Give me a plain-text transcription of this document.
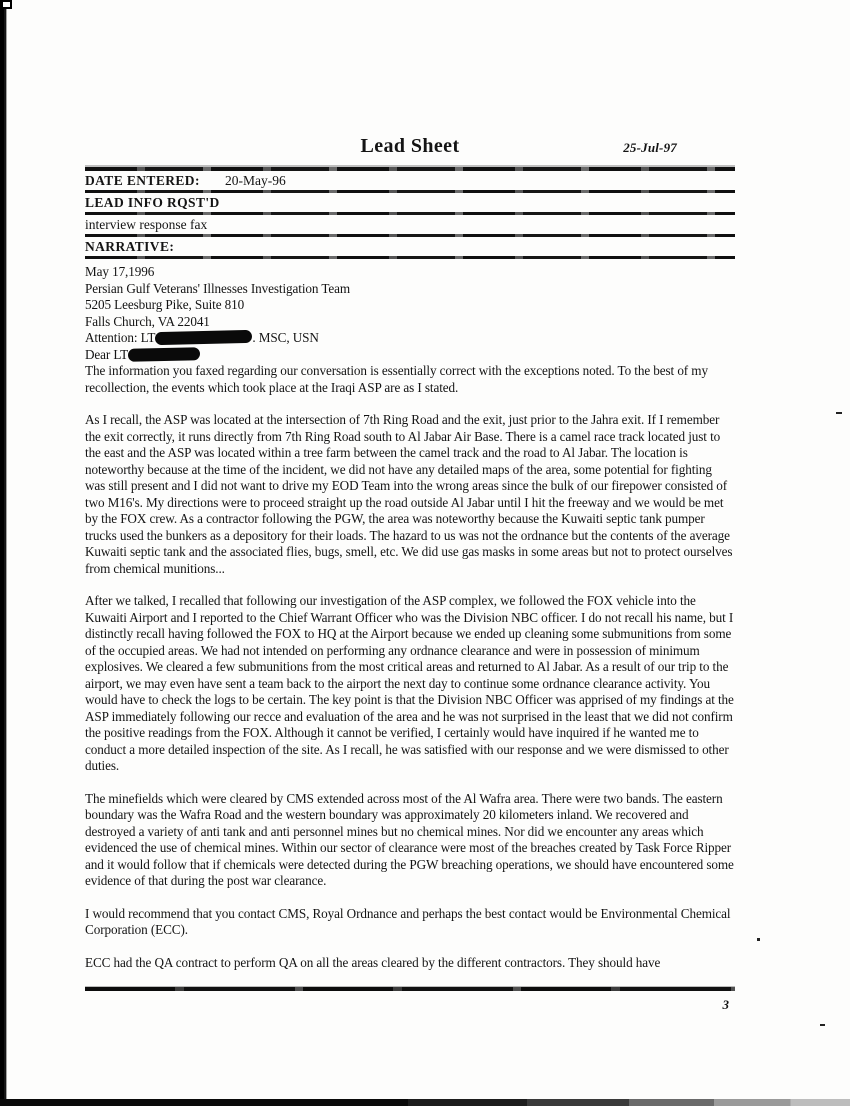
Lead Sheet	25-Jul-97
DATE ENTERED: 20-May-96
LEAD INFO RQST'D
interview response fax
NARRATIVE:
May 17,1996
Persian Gulf Veterans' Illnesses Investigation Team
5205 Leesburg Pike, Suite 810
Falls Church, VA 22041
Attention: LT	. MSC, USN
Dear LT

The information you faxed regarding our conversation is essentially correct with the exceptions noted. To the best of my recollection, the events which took place at the Iraqi ASP are as I stated.

As I recall, the ASP was located at the intersection of 7th Ring Road and the exit, just prior to the Jahra exit. If I remember the exit correctly, it runs directly from 7th Ring Road south to Al Jabar Air Base. There is a camel race track located just to the east and the ASP was located within a tree farm between the camel track and the road to Al Jabar. The location is noteworthy because at the time of the incident, we did not have any detailed maps of the area, some potential for fighting was still present and I did not want to drive my EOD Team into the wrong areas since the bulk of our firepower consisted of two M16's. My directions were to proceed straight up the road outside Al Jabar until I hit the freeway and we would be met by the FOX crew. As a contractor following the PGW, the area was noteworthy because the Kuwaiti septic tank pumper trucks used the bunkers as a depository for their loads. The hazard to us was not the ordnance but the contents of the average Kuwaiti septic tank and the associated flies, bugs, smell, etc. We did use gas masks in some areas but not to protect ourselves from chemical munitions...

After we talked, I recalled that following our investigation of the ASP complex, we followed the FOX vehicle into the Kuwaiti Airport and I reported to the Chief Warrant Officer who was the Division NBC officer. I do not recall his name, but I distinctly recall having followed the FOX to HQ at the Airport because we ended up cleaning some submunitions from some of the occupied areas. We had not intended on performing any ordnance clearance and were in possession of minimum explosives. We cleared a few submunitions from the most critical areas and returned to Al Jabar. As a result of our trip to the airport, we may even have sent a team back to the airport the next day to continue some ordnance clearance activity. You would have to check the logs to be certain. The key point is that the Division NBC Officer was apprised of my findings at the ASP immediately following our recce and evaluation of the area and he was not surprised in the least that we did not confirm the positive readings from the FOX. Although it cannot be verified, I certainly would have inquired if he wanted me to conduct a more detailed inspection of the site. As I recall, he was satisfied with our response and we were dismissed to other duties.

The minefields which were cleared by CMS extended across most of the Al Wafra area. There were two bands. The eastern boundary was the Wafra Road and the western boundary was approximately 20 kilometers inland. We recovered and destroyed a variety of anti tank and anti personnel mines but no chemical mines. Nor did we encounter any areas which evidenced the use of chemical mines. Within our sector of clearance were most of the breaches created by Task Force Ripper and it would follow that if chemicals were detected during the PGW breaching operations, we should have encountered some evidence of that during the post war clearance.

I would recommend that you contact CMS, Royal Ordnance and perhaps the best contact would be Environmental Chemical Corporation (ECC).

ECC had the QA contract to perform QA on all the areas cleared by the different contractors. They should have

3
